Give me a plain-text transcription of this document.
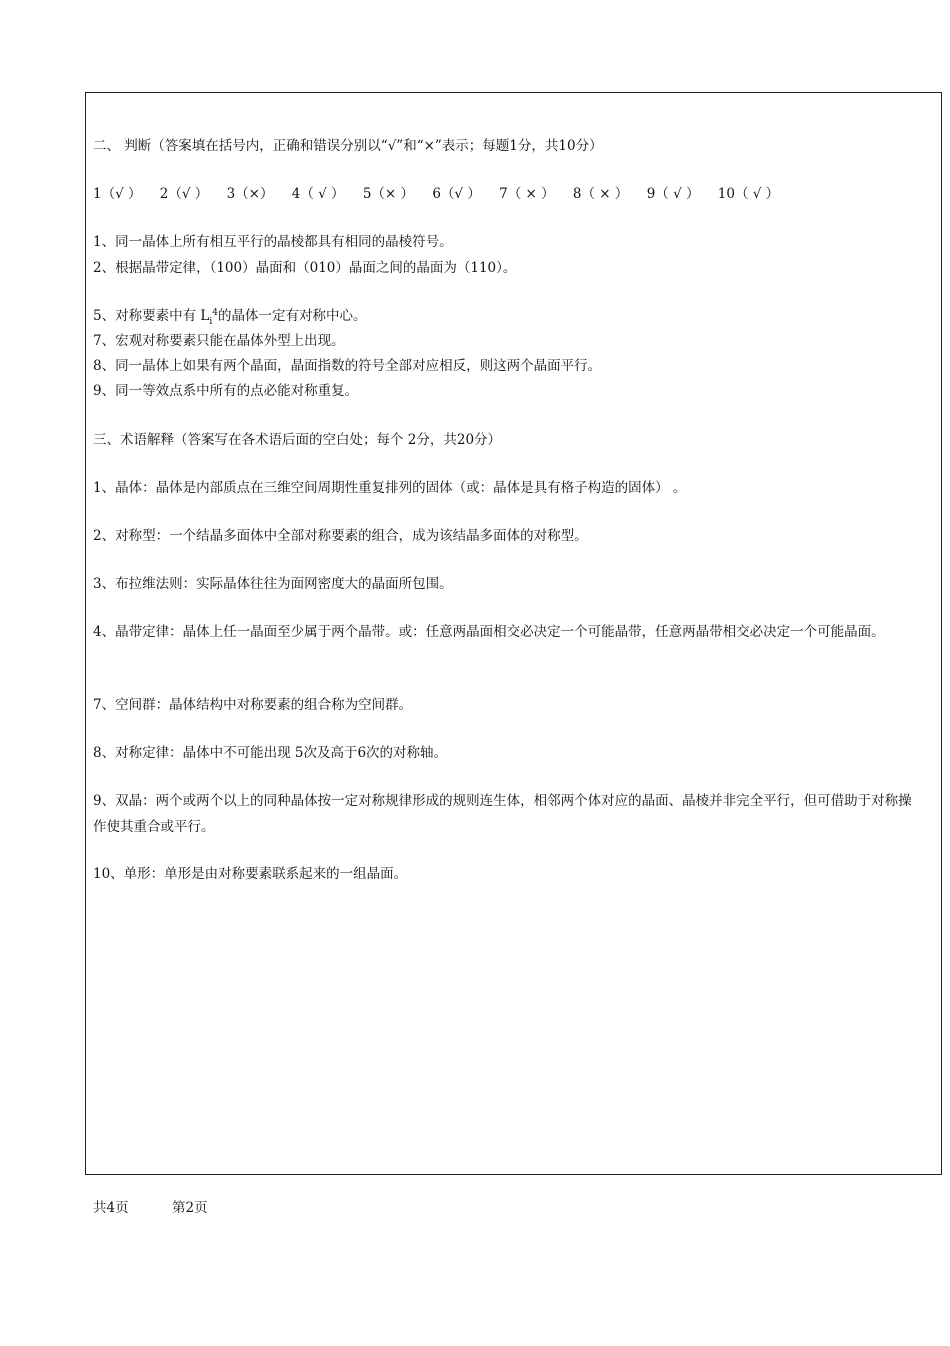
二、 判断（答案填在括号内，正确和错误分别以“√”和“×”表示；每题1分，共10分）
1（√ ） 2（√ ） 3（×） 4（ √ ） 5（× ） 6（√ ） 7（ × ） 8（ × ） 9（ √ ） 10（ √ ）
1、同一晶体上所有相互平行的晶棱都具有相同的晶棱符号。
2、根据晶带定律，（100）晶面和（010）晶面之间的晶面为（110）。
5、对称要素中有 $L_i^4$的晶体一定有对称中心。
7、宏观对称要素只能在晶体外型上出现。
8、同一晶体上如果有两个晶面，晶面指数的符号全部对应相反，则这两个晶面平行。
9、同一等效点系中所有的点必能对称重复。
三、术语解释（答案写在各术语后面的空白处；每个 2分，共20分）
1、晶体：晶体是内部质点在三维空间周期性重复排列的固体（或：晶体是具有格子构造的固体） 。
2、对称型：一个结晶多面体中全部对称要素的组合，成为该结晶多面体的对称型。
3、布拉维法则：实际晶体往往为面网密度大的晶面所包围。
4、晶带定律：晶体上任一晶面至少属于两个晶带。或：任意两晶面相交必决定一个可能晶带，任意两晶带相交必决定一个可能晶面。
7、空间群：晶体结构中对称要素的组合称为空间群。
8、对称定律：晶体中不可能出现 5次及高于6次的对称轴。
9、双晶：两个或两个以上的同种晶体按一定对称规律形成的规则连生体，相邻两个体对应的晶面、晶棱并非完全平行，但可借助于对称操作使其重合或平行。
10、单形：单形是由对称要素联系起来的一组晶面。
共4页	第2页
